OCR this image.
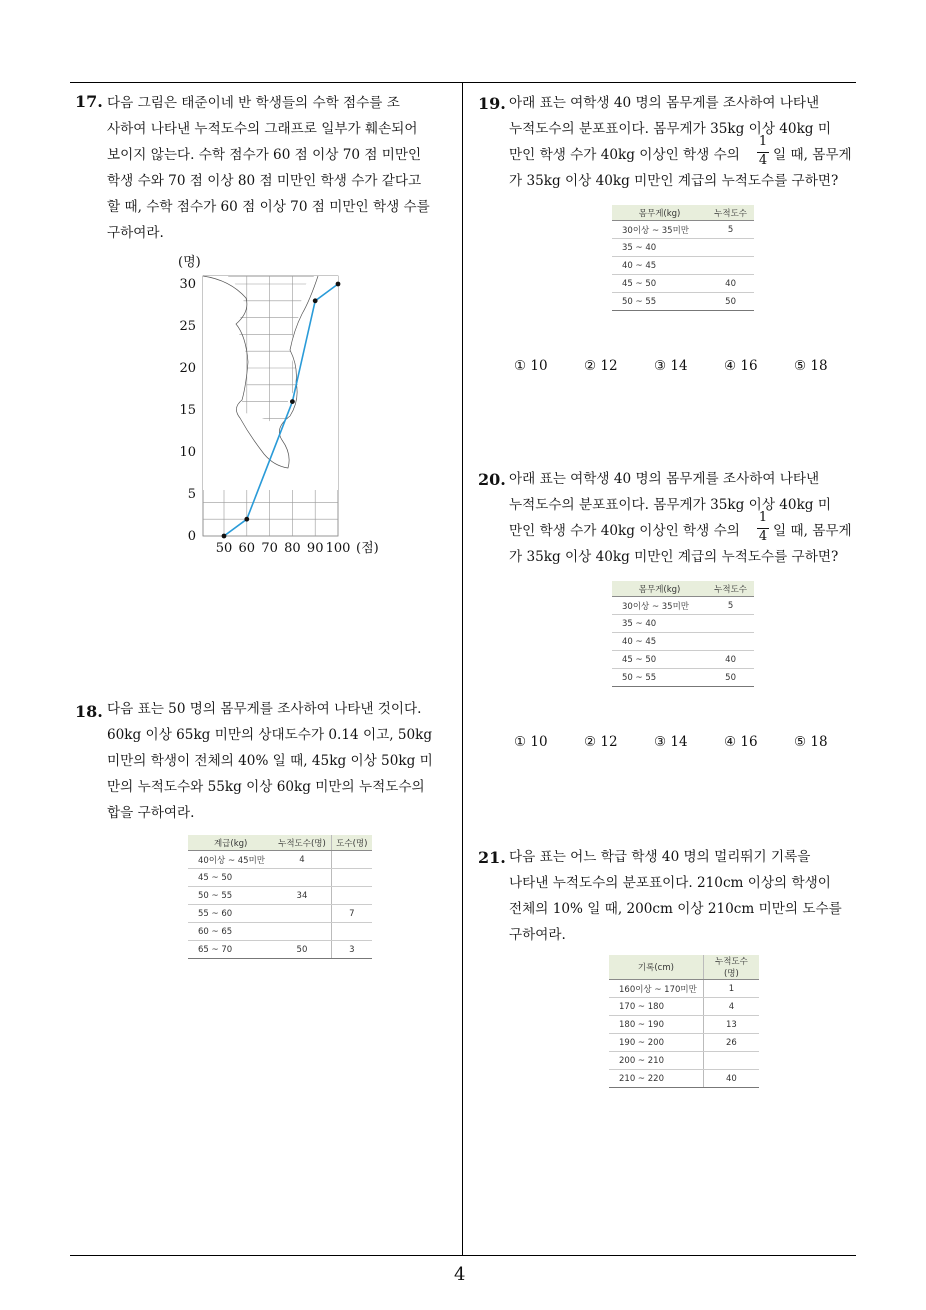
17. 다음 그림은 태준이네 반 학생들의 수학 점수를 조
사하여 나타낸 누적도수의 그래프로 일부가 훼손되어
보이지 않는다. 수학 점수가 60 점 이상 70 점 미만인
학생 수와 70 점 이상 80 점 미만인 학생 수가 같다고
할 때, 수학 점수가 60 점 이상 70 점 미만인 학생 수를
구하여라.
0
5
10
15
20
25
30
50 60 70 80 90 100
(명)
(점)
18. 다음 표는 50 명의 몸무게를 조사하여 나타낸 것이다.
60kg 이상 65kg 미만의 상대도수가 0.14 이고, 50kg
미만의 학생이 전체의 40% 일 때, 45kg 이상 50kg 미
만의 누적도수와 55kg 이상 60kg 미만의 누적도수의
합을 구하여라.
계급(kg)	누적도수(명)	도수(명)
40이상 ~ 45미만	4	
45 ~ 50		
50 ~ 55	34	
55 ~ 60		7
60 ~ 65		
65 ~ 70	50	3
19. 아래 표는 여학생 40 명의 몸무게를 조사하여 나타낸
누적도수의 분포표이다. 몸무게가 35kg 이상 40kg 미
만인 학생 수가 40kg 이상인 학생 수의
1
4 일 때, 몸무게
가 35kg 이상 40kg 미만인 계급의 누적도수를 구하면?
몸무게(kg)	누적도수
30이상 ~ 35미만	5
35 ~ 40	
40 ~ 45	
45 ~ 50	40
50 ~ 55	50
① 10	② 12	③ 14	④ 16	⑤ 18
20. 아래 표는 여학생 40 명의 몸무게를 조사하여 나타낸
누적도수의 분포표이다. 몸무게가 35kg 이상 40kg 미
만인 학생 수가 40kg 이상인 학생 수의
1
4 일 때, 몸무게
가 35kg 이상 40kg 미만인 계급의 누적도수를 구하면?
몸무게(kg)	누적도수
30이상 ~ 35미만	5
35 ~ 40	
40 ~ 45	
45 ~ 50	40
50 ~ 55	50
① 10	② 12	③ 14	④ 16	⑤ 18
21. 다음 표는 어느 학급 학생 40 명의 멀리뛰기 기록을
나타낸 누적도수의 분포표이다. 210cm 이상의 학생이
전체의 10% 일 때, 200cm 이상 210cm 미만의 도수를
구하여라.
기록(cm)	누적도수(명)
160이상 ~ 170미만	1
170 ~ 180	4
180 ~ 190	13
190 ~ 200	26
200 ~ 210	
210 ~ 220	40
4
